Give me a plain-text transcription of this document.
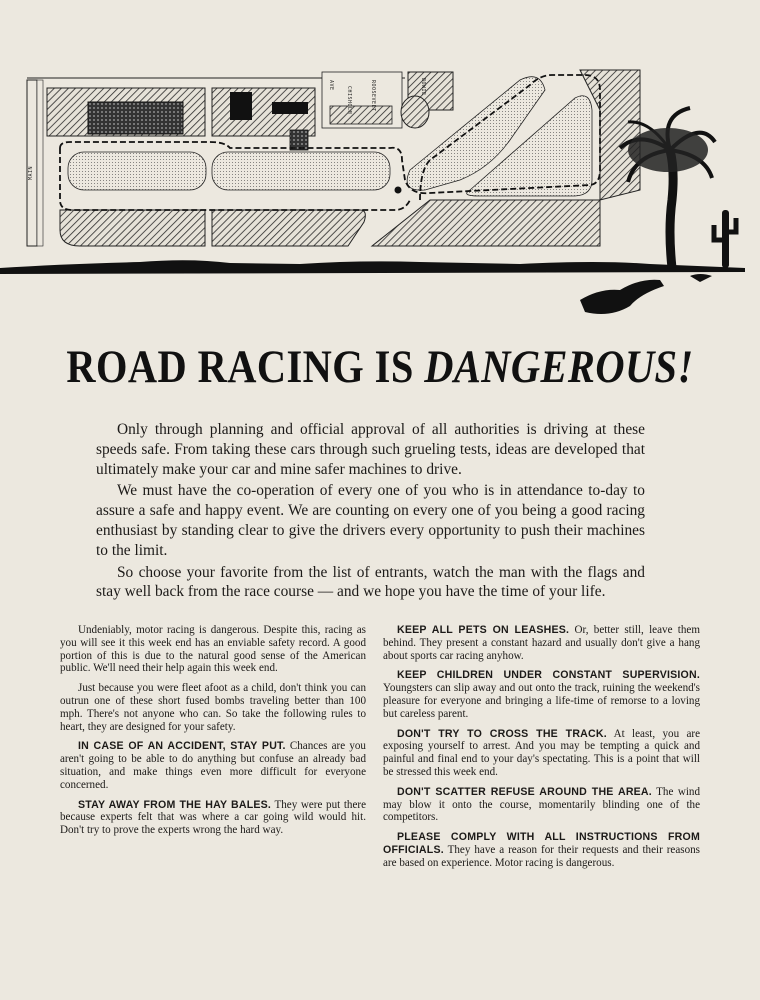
MAIN
CHISHOLM
AVE	ROOSEVELT	BOWIE
ROAD RACING IS DANGEROUS!

Only through planning and official approval of all authorities is driving at these speeds safe. From taking these cars through such grueling tests, ideas are developed that ultimately make your car and mine safer machines to drive.

We must have the co-operation of every one of you who is in attendance to-day to assure a safe and happy event. We are counting on every one of you being a good racing enthusiast by standing clear to give the drivers every opportunity to push their machines to the limit.

So choose your favorite from the list of entrants, watch the man with the flags and stay well back from the race course — and we hope you have the time of your life.

Undeniably, motor racing is dangerous. Despite this, racing as you will see it this week end has an enviable safety record. A good portion of this is due to the natural good sense of the American public. We'll need their help again this week end.

Just because you were fleet afoot as a child, don't think you can outrun one of these short fused bombs traveling better than 100 mph. There's not anyone who can. So take the following rules to heart, they are designed for your safety.

IN CASE OF AN ACCIDENT, STAY PUT. Chances are you aren't going to be able to do anything but confuse an already bad situation, and make things even more difficult for everyone concerned.

STAY AWAY FROM THE HAY BALES. They were put there because experts felt that was where a car going wild would hit. Don't try to prove the experts wrong the hard way.

KEEP ALL PETS ON LEASHES. Or, better still, leave them behind. They present a constant hazard and usually don't give a hang about sports car racing anyhow.

KEEP CHILDREN UNDER CONSTANT SUPERVISION. Youngsters can slip away and out onto the track, ruining the weekend's pleasure for everyone and bringing a life-time of remorse to a loving but careless parent.

DON'T TRY TO CROSS THE TRACK. At least, you are exposing yourself to arrest. And you may be tempting a quick and painful and final end to your day's spectating. This is a point that will be stressed this week end.

DON'T SCATTER REFUSE AROUND THE AREA. The wind may blow it onto the course, momentarily blinding one of the competitors.

PLEASE COMPLY WITH ALL INSTRUCTIONS FROM OFFICIALS. They have a reason for their requests and their reasons are based on experience. Motor racing is dangerous.
